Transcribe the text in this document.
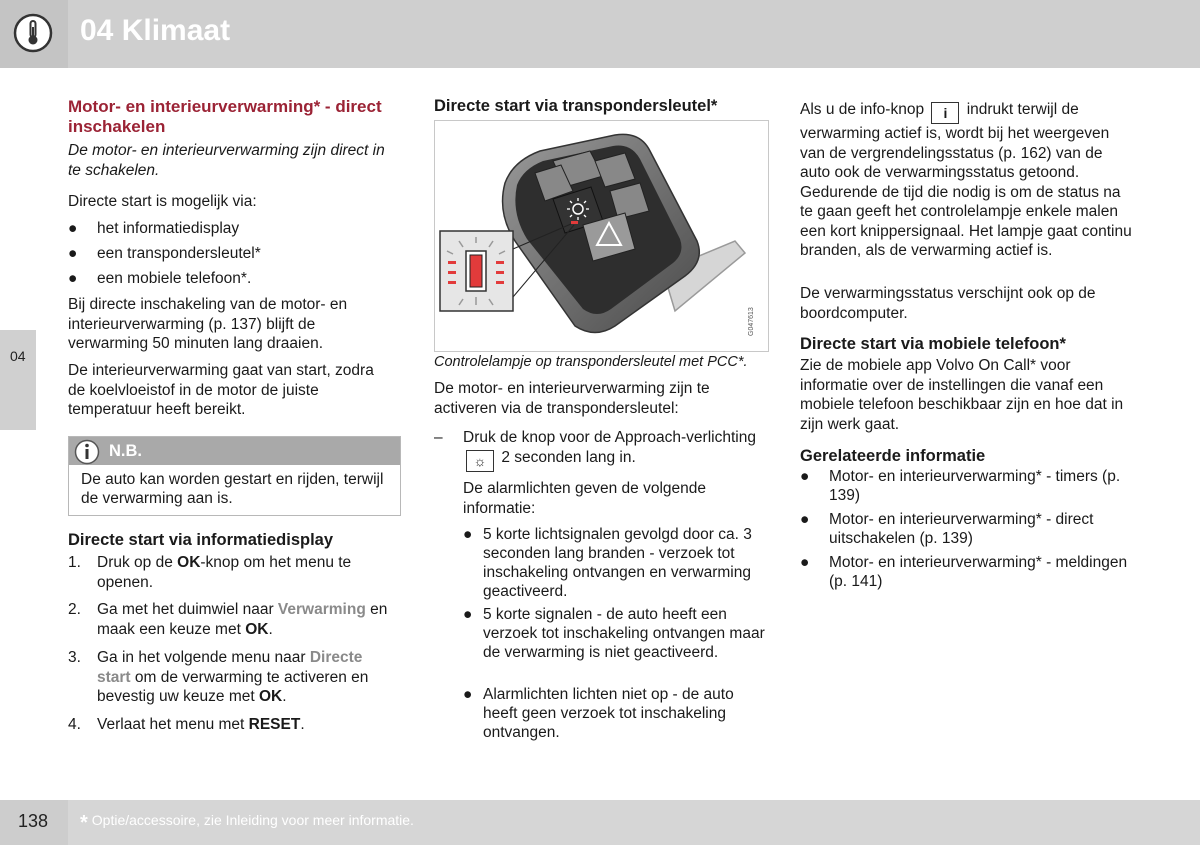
04 Klimaat
04
Motor- en interieurverwarming* - direct inschakelen

De motor- en interieurverwarming zijn direct in te schakelen.

Directe start is mogelijk via:

● het informatiedisplay
● een transpondersleutel*
● een mobiele telefoon*.

Bij directe inschakeling van de motor- en interieurverwarming (p. 137) blijft de verwarming 50 minuten lang draaien.

De interieurverwarming gaat van start, zodra de koelvloeistof in de motor de juiste temperatuur heeft bereikt.

N.B.
De auto kan worden gestart en rijden, terwijl de verwarming aan is.

Directe start via informatiedisplay

1. Druk op de OK-knop om het menu te openen.
2. Ga met het duimwiel naar Verwarming en maak een keuze met OK.
3. Ga in het volgende menu naar Directe start om de verwarming te activeren en bevestig uw keuze met OK.
4. Verlaat het menu met RESET.

Directe start via transpondersleutel*

G047613

Controlelampje op transpondersleutel met PCC*.

De motor- en interieurverwarming zijn te activeren via de transpondersleutel:

– Druk de knop voor de Approach-verlichting ☼ 2 seconden lang in.

De alarmlichten geven de volgende informatie:

● 5 korte lichtsignalen gevolgd door ca. 3 seconden lang branden - verzoek tot inschakeling ontvangen en verwarming geactiveerd.
● 5 korte signalen - de auto heeft een verzoek tot inschakeling ontvangen maar de verwarming is niet geactiveerd.
● Alarmlichten lichten niet op - de auto heeft geen verzoek tot inschakeling ontvangen.
Als u de info-knop i indrukt terwijl de verwarming actief is, wordt bij het weergeven van de vergrendelingsstatus (p. 162) van de auto ook de verwarmingsstatus getoond. Gedurende de tijd die nodig is om de status na te gaan geeft het controlelampje enkele malen een kort knippersignaal. Het lampje gaat continu branden, als de verwarming actief is.

De verwarmingsstatus verschijnt ook op de boordcomputer.

Directe start via mobiele telefoon*

Zie de mobiele app Volvo On Call* voor informatie over de instellingen die vanaf een mobiele telefoon beschikbaar zijn en hoe dat in zijn werk gaat.

Gerelateerde informatie

● Motor- en interieurverwarming* - timers (p. 139)
● Motor- en interieurverwarming* - direct uitschakelen (p. 139)
● Motor- en interieurverwarming* - meldingen (p. 141)
138 * Optie/accessoire, zie Inleiding voor meer informatie.
